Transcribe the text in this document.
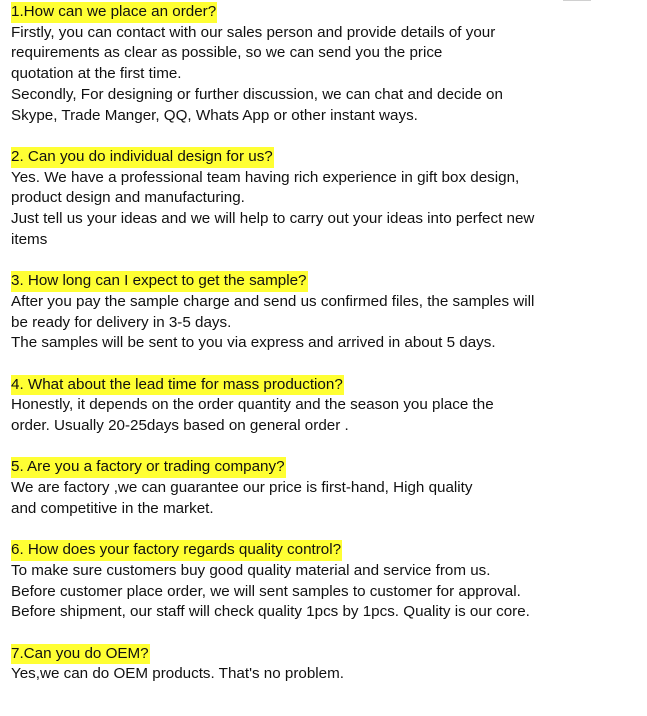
1.How can we place an order?
Firstly, you can contact with our sales person and provide details of your
requirements as clear as possible, so we can send you the price
quotation at the first time.
Secondly, For designing or further discussion, we can chat and decide on
Skype, Trade Manger, QQ, Whats App or other instant ways.
2. Can you do individual design for us?
Yes. We have a professional team having rich experience in gift box design,
product design and manufacturing.
Just tell us your ideas and we will help to carry out your ideas into perfect new
items
3. How long can I expect to get the sample?
After you pay the sample charge and send us confirmed files, the samples will
be ready for delivery in 3-5 days.
The samples will be sent to you via express and arrived in about 5 days.
4. What about the lead time for mass production?
Honestly, it depends on the order quantity and the season you place the
order. Usually 20-25days based on general order .
5. Are you a factory or trading company?
We are factory ,we can guarantee our price is first-hand, High quality
and competitive in the market.
6. How does your factory regards quality control?
To make sure customers buy good quality material and service from us.
Before customer place order, we will sent samples to customer for approval.
Before shipment, our staff will check quality 1pcs by 1pcs. Quality is our core.
7.Can you do OEM?
Yes,we can do OEM products. That's no problem.
